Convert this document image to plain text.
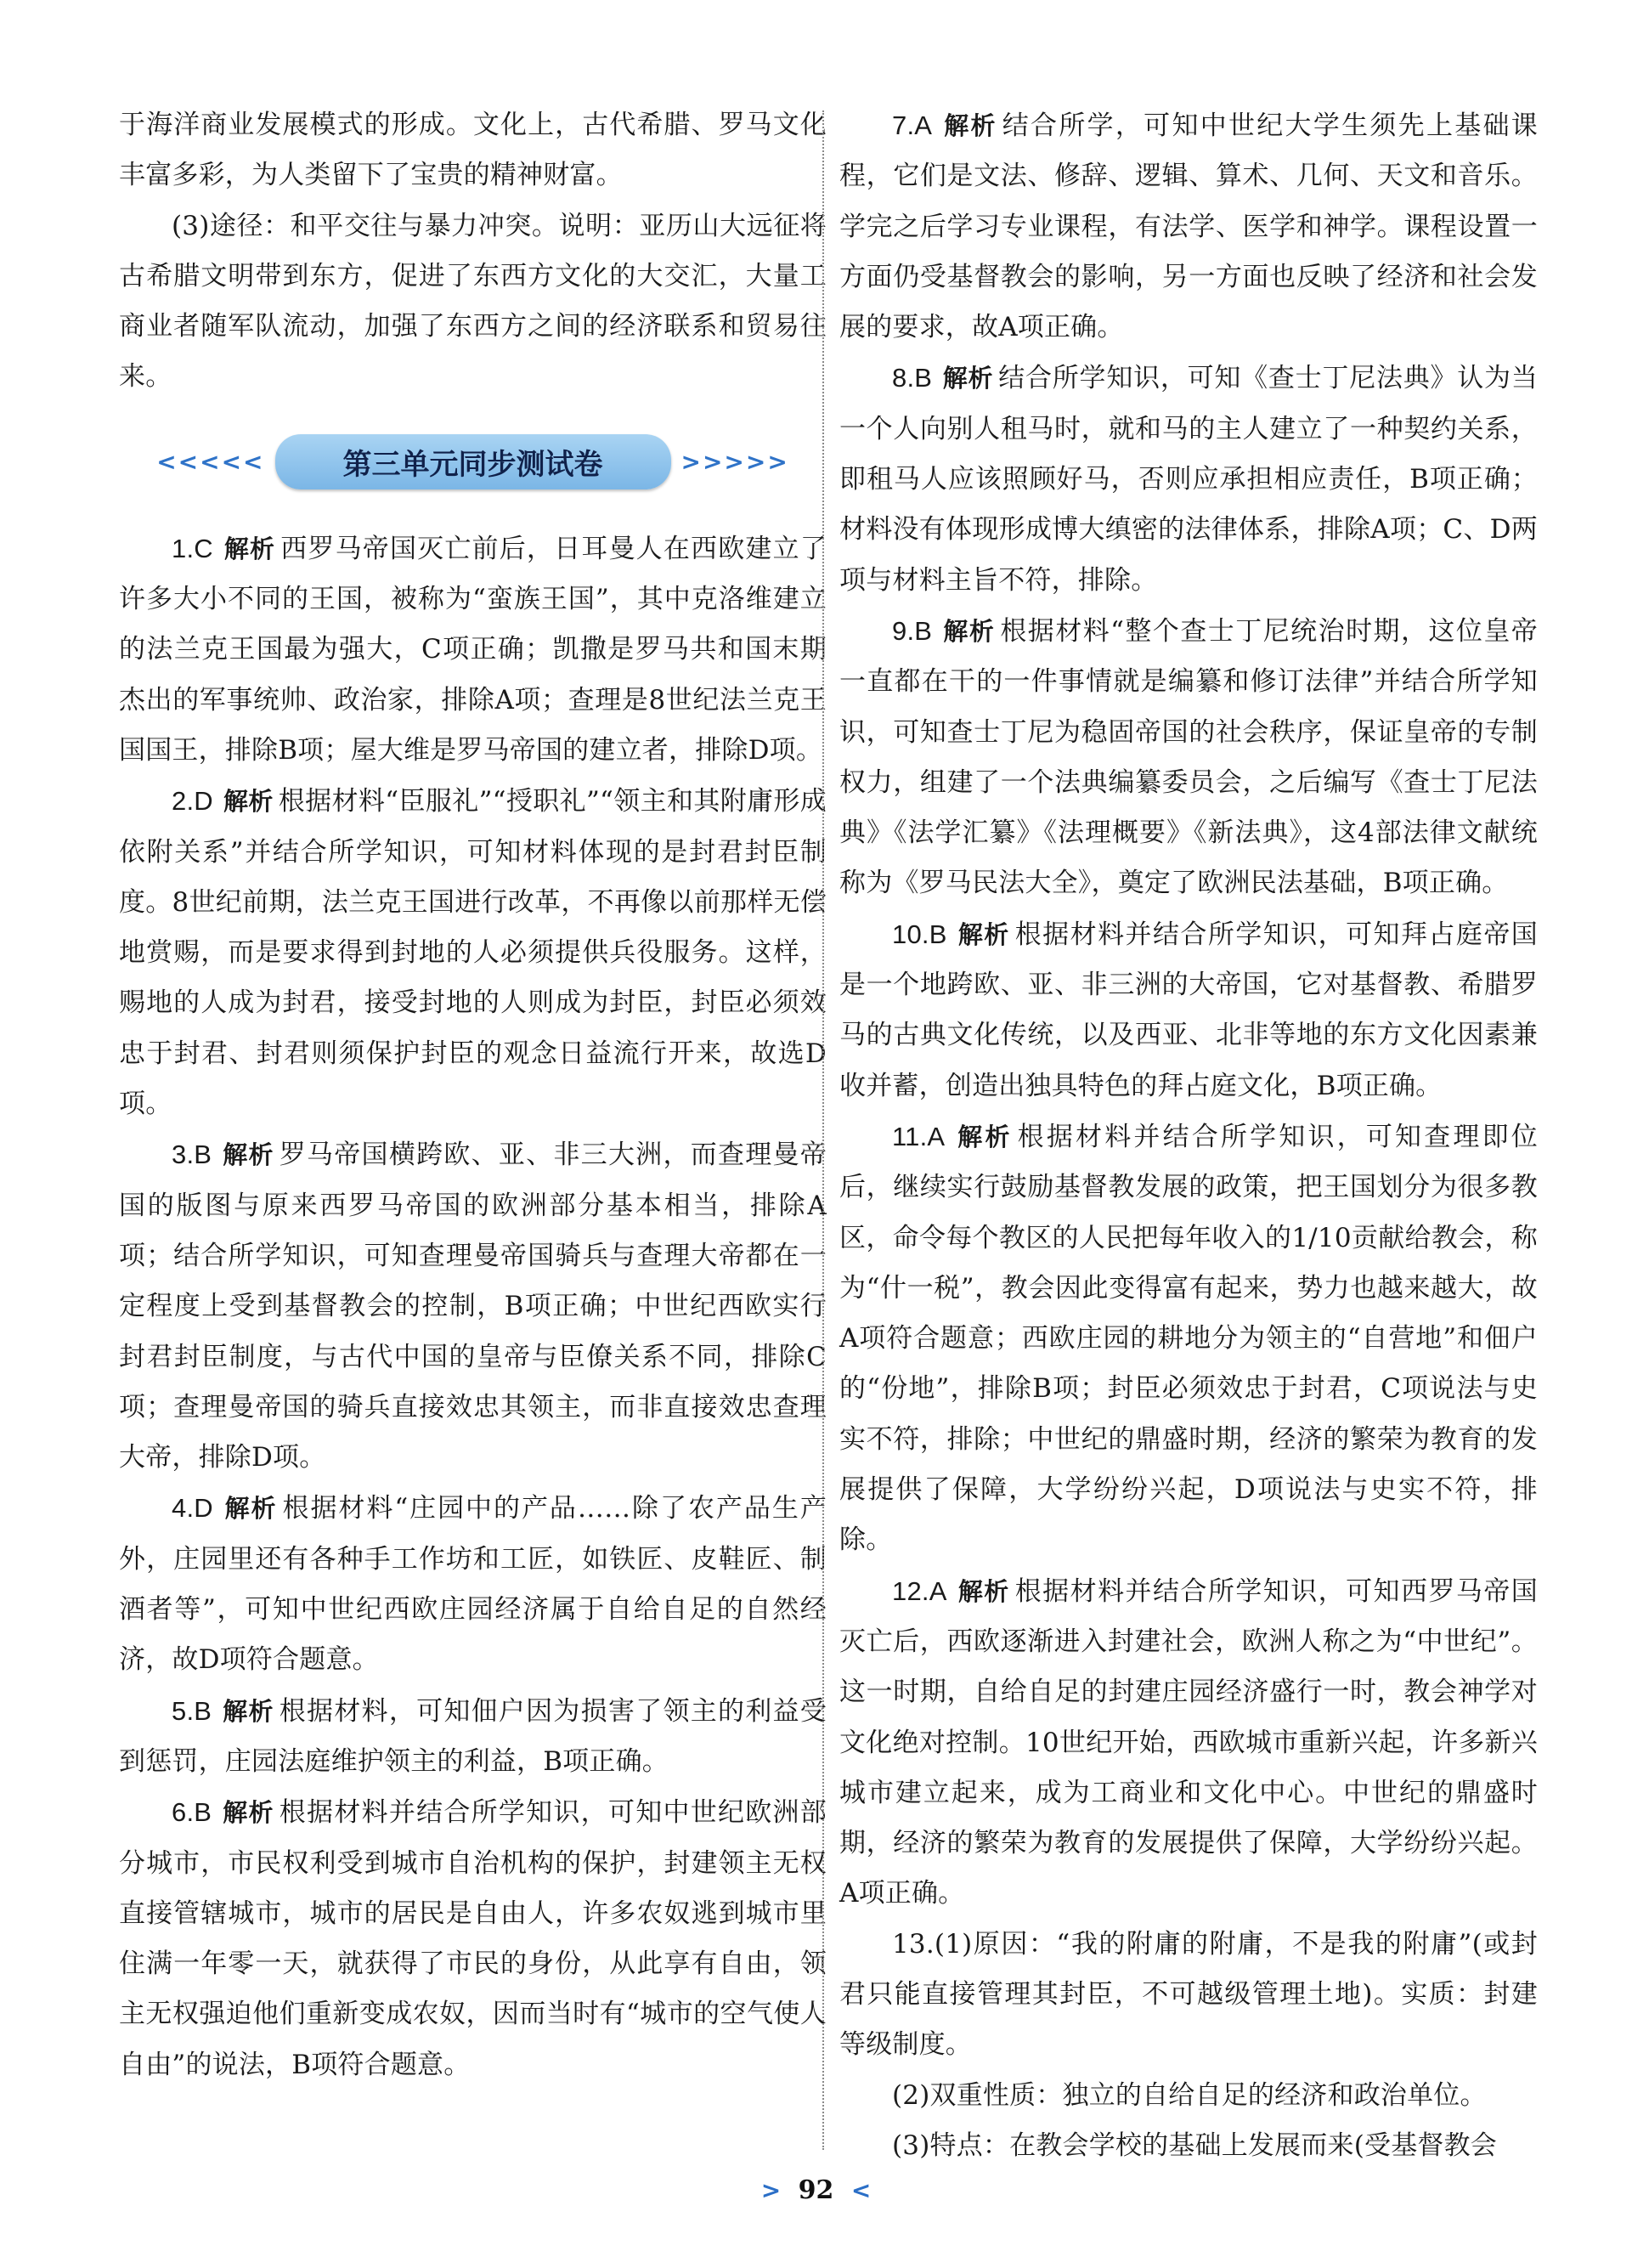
于海洋商业发展模式的形成。文化上，古代希腊、罗马文化丰富多彩，为人类留下了宝贵的精神财富。

(3)途径：和平交往与暴力冲突。说明：亚历山大远征将古希腊文明带到东方，促进了东西方文化的大交汇，大量工商业者随军队流动，加强了东西方之间的经济联系和贸易往来。

<<<<<	第三单元同步测试卷	>>>>>

1.C 解析 西罗马帝国灭亡前后，日耳曼人在西欧建立了许多大小不同的王国，被称为“蛮族王国”，其中克洛维建立的法兰克王国最为强大，C项正确；凯撒是罗马共和国末期杰出的军事统帅、政治家，排除A项；查理是8世纪法兰克王国国王，排除B项；屋大维是罗马帝国的建立者，排除D项。

2.D 解析 根据材料“臣服礼”“授职礼”“领主和其附庸形成依附关系”并结合所学知识，可知材料体现的是封君封臣制度。8世纪前期，法兰克王国进行改革，不再像以前那样无偿地赏赐，而是要求得到封地的人必须提供兵役服务。这样，赐地的人成为封君，接受封地的人则成为封臣，封臣必须效忠于封君、封君则须保护封臣的观念日益流行开来，故选D项。

3.B 解析 罗马帝国横跨欧、亚、非三大洲，而查理曼帝国的版图与原来西罗马帝国的欧洲部分基本相当，排除A项；结合所学知识，可知查理曼帝国骑兵与查理大帝都在一定程度上受到基督教会的控制，B项正确；中世纪西欧实行封君封臣制度，与古代中国的皇帝与臣僚关系不同，排除C项；查理曼帝国的骑兵直接效忠其领主，而非直接效忠查理大帝，排除D项。

4.D 解析 根据材料“庄园中的产品……除了农产品生产外，庄园里还有各种手工作坊和工匠，如铁匠、皮鞋匠、制酒者等”，可知中世纪西欧庄园经济属于自给自足的自然经济，故D项符合题意。

5.B 解析 根据材料，可知佃户因为损害了领主的利益受到惩罚，庄园法庭维护领主的利益，B项正确。

6.B 解析 根据材料并结合所学知识，可知中世纪欧洲部分城市，市民权利受到城市自治机构的保护，封建领主无权直接管辖城市，城市的居民是自由人，许多农奴逃到城市里住满一年零一天，就获得了市民的身份，从此享有自由，领主无权强迫他们重新变成农奴，因而当时有“城市的空气使人自由”的说法，B项符合题意。

7.A 解析 结合所学，可知中世纪大学生须先上基础课程，它们是文法、修辞、逻辑、算术、几何、天文和音乐。学完之后学习专业课程，有法学、医学和神学。课程设置一方面仍受基督教会的影响，另一方面也反映了经济和社会发展的要求，故A项正确。

8.B 解析 结合所学知识，可知《查士丁尼法典》认为当一个人向别人租马时，就和马的主人建立了一种契约关系，即租马人应该照顾好马，否则应承担相应责任，B项正确；材料没有体现形成博大缜密的法律体系，排除A项；C、D两项与材料主旨不符，排除。

9.B 解析 根据材料“整个查士丁尼统治时期，这位皇帝一直都在干的一件事情就是编纂和修订法律”并结合所学知识，可知查士丁尼为稳固帝国的社会秩序，保证皇帝的专制权力，组建了一个法典编纂委员会，之后编写《查士丁尼法典》《法学汇纂》《法理概要》《新法典》，这4部法律文献统称为《罗马民法大全》，奠定了欧洲民法基础，B项正确。

10.B 解析 根据材料并结合所学知识，可知拜占庭帝国是一个地跨欧、亚、非三洲的大帝国，它对基督教、希腊罗马的古典文化传统，以及西亚、北非等地的东方文化因素兼收并蓄，创造出独具特色的拜占庭文化，B项正确。

11.A 解析 根据材料并结合所学知识，可知查理即位后，继续实行鼓励基督教发展的政策，把王国划分为很多教区，命令每个教区的人民把每年收入的1/10贡献给教会，称为“什一税”，教会因此变得富有起来，势力也越来越大，故A项符合题意；西欧庄园的耕地分为领主的“自营地”和佃户的“份地”，排除B项；封臣必须效忠于封君，C项说法与史实不符，排除；中世纪的鼎盛时期，经济的繁荣为教育的发展提供了保障，大学纷纷兴起，D项说法与史实不符，排除。

12.A 解析 根据材料并结合所学知识，可知西罗马帝国灭亡后，西欧逐渐进入封建社会，欧洲人称之为“中世纪”。这一时期，自给自足的封建庄园经济盛行一时，教会神学对文化绝对控制。10世纪开始，西欧城市重新兴起，许多新兴城市建立起来，成为工商业和文化中心。中世纪的鼎盛时期，经济的繁荣为教育的发展提供了保障，大学纷纷兴起。A项正确。

13.(1)原因：“我的附庸的附庸，不是我的附庸”(或封君只能直接管理其封臣，不可越级管理土地)。实质：封建等级制度。

(2)双重性质：独立的自给自足的经济和政治单位。

(3)特点：在教会学校的基础上发展而来(受基督教会

> 92 <
